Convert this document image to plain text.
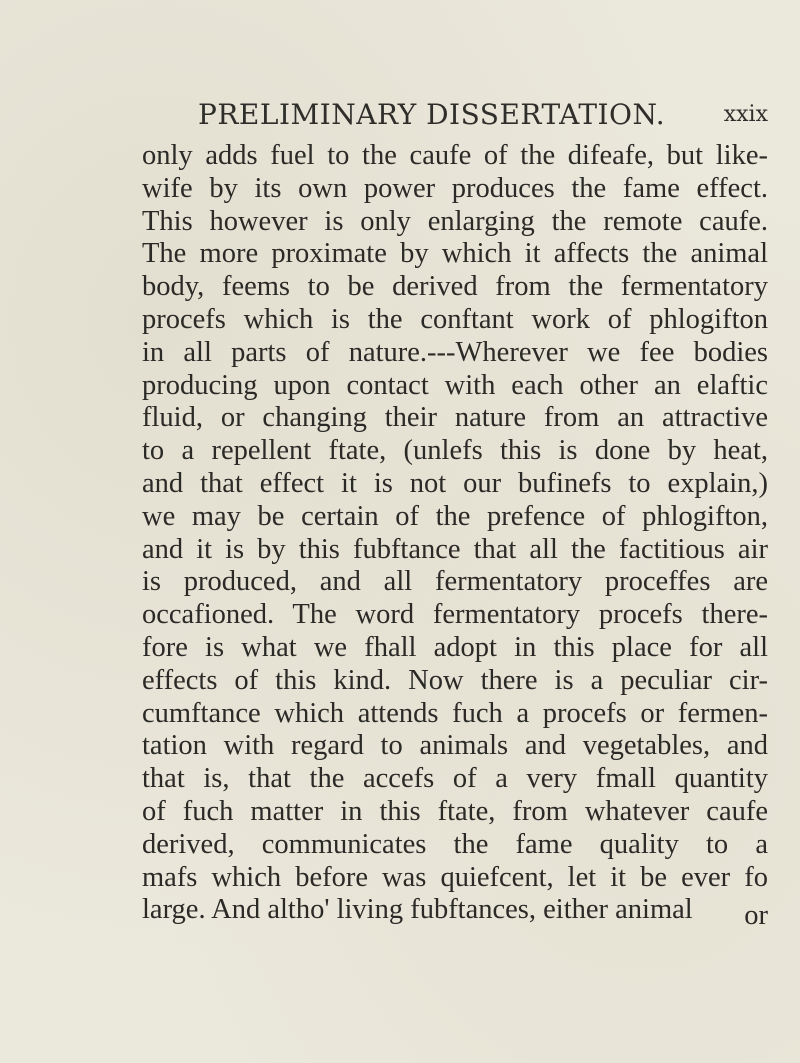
PRELIMINARY DISSERTATION.	xxix
only adds fuel to the caufe of the difeafe, but like-
wife by its own power produces the fame effect.
This however is only enlarging the remote caufe.
The more proximate by which it affects the animal
body, feems to be derived from the fermentatory
procefs which is the conftant work of phlogifton
in all parts of nature.---Wherever we fee bodies
producing upon contact with each other an elaftic
fluid, or changing their nature from an attractive
to a repellent ftate, (unlefs this is done by heat,
and that effect it is not our bufinefs to explain,)
we may be certain of the prefence of phlogifton,
and it is by this fubftance that all the factitious air
is produced, and all fermentatory proceffes are
occafioned. The word fermentatory procefs there-
fore is what we fhall adopt in this place for all
effects of this kind. Now there is a peculiar cir-
cumftance which attends fuch a procefs or fermen-
tation with regard to animals and vegetables, and
that is, that the accefs of a very fmall quantity
of fuch matter in this ftate, from whatever caufe
derived, communicates the fame quality to a
mafs which before was quiefcent, let it be ever fo
large. And altho' living fubftances, either animal	or
